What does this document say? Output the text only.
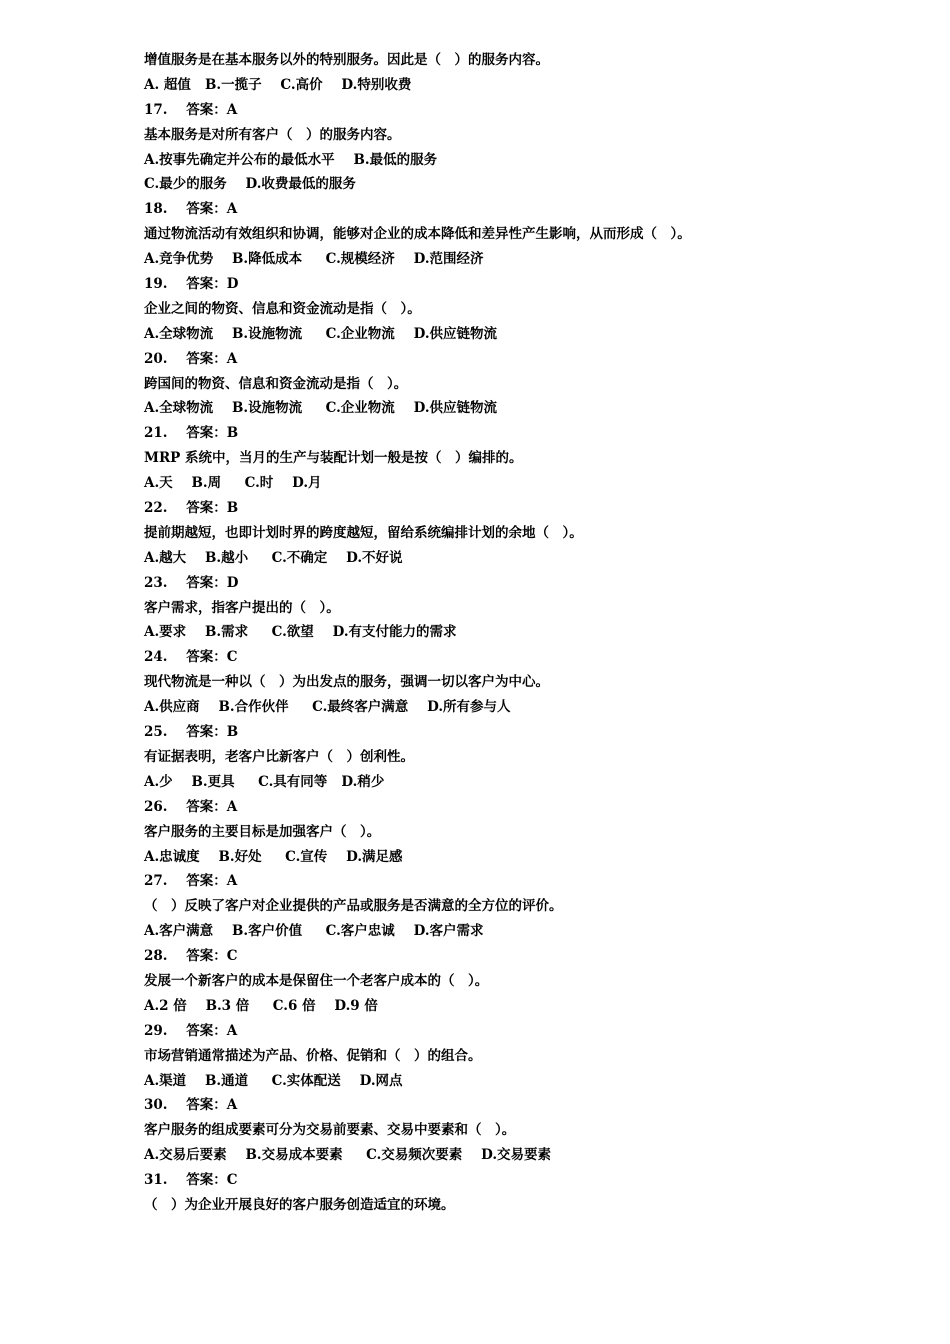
增值服务是在基本服务以外的特别服务。因此是（　）的服务内容。
A. 超值   B.一揽子    C.高价    D.特别收费
17.    答案：A
基本服务是对所有客户（　）的服务内容。
A.按事先确定并公布的最低水平    B.最低的服务
C.最少的服务    D.收费最低的服务
18.    答案：A
通过物流活动有效组织和协调，能够对企业的成本降低和差异性产生影响，从而形成（　）。
A.竞争优势    B.降低成本     C.规模经济    D.范围经济
19.    答案：D
企业之间的物资、信息和资金流动是指（　）。
A.全球物流    B.设施物流     C.企业物流    D.供应链物流
20.    答案：A
跨国间的物资、信息和资金流动是指（　）。
A.全球物流    B.设施物流     C.企业物流    D.供应链物流
21.    答案：B
MRP 系统中，当月的生产与装配计划一般是按（　）编排的。
A.天    B.周     C.时    D.月
22.    答案：B
提前期越短，也即计划时界的跨度越短，留给系统编排计划的余地（　）。
A.越大    B.越小     C.不确定    D.不好说
23.    答案：D
客户需求，指客户提出的（　）。
A.要求    B.需求     C.欲望    D.有支付能力的需求
24.    答案：C
现代物流是一种以（　）为出发点的服务，强调一切以客户为中心。
A.供应商    B.合作伙伴     C.最终客户满意    D.所有参与人
25.    答案：B
有证据表明，老客户比新客户（　）创利性。
A.少    B.更具     C.具有同等   D.稍少
26.    答案：A
客户服务的主要目标是加强客户（　）。
A.忠诚度    B.好处     C.宣传    D.满足感
27.    答案：A
（　）反映了客户对企业提供的产品或服务是否满意的全方位的评价。
A.客户满意    B.客户价值     C.客户忠诚    D.客户需求
28.    答案：C
发展一个新客户的成本是保留住一个老客户成本的（　）。
A.2 倍    B.3 倍     C.6 倍    D.9 倍
29.    答案：A
市场营销通常描述为产品、价格、促销和（　）的组合。
A.渠道    B.通道     C.实体配送    D.网点
30.    答案：A
客户服务的组成要素可分为交易前要素、交易中要素和（　）。
A.交易后要素    B.交易成本要素     C.交易频次要素    D.交易要素
31.    答案：C
（　）为企业开展良好的客户服务创造适宜的环境。
